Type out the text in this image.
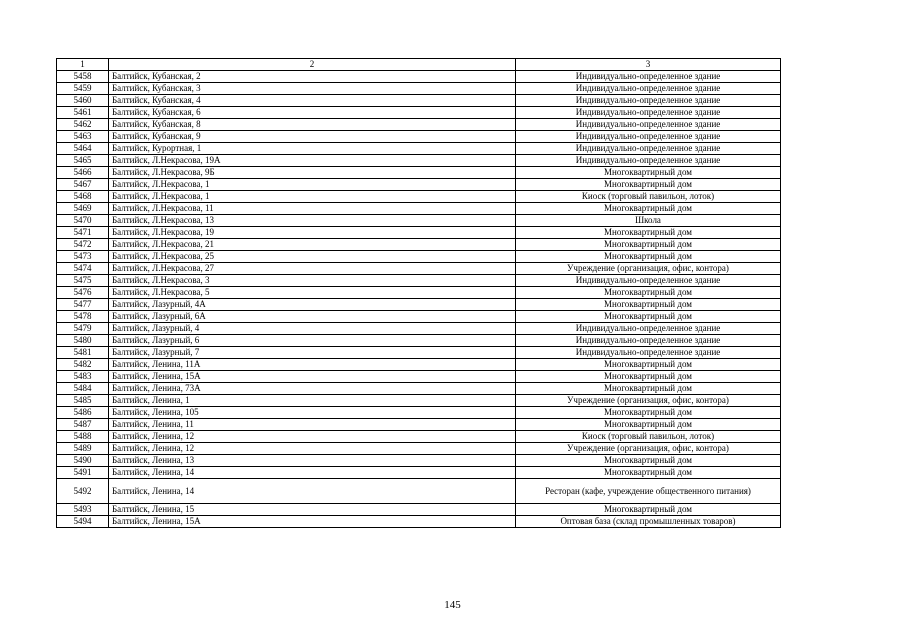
1	2	3
5458	Балтийск, Кубанская, 2	Индивидуально-определенное здание
5459	Балтийск, Кубанская, 3	Индивидуально-определенное здание
5460	Балтийск, Кубанская, 4	Индивидуально-определенное здание
5461	Балтийск, Кубанская, 6	Индивидуально-определенное здание
5462	Балтийск, Кубанская, 8	Индивидуально-определенное здание
5463	Балтийск, Кубанская, 9	Индивидуально-определенное здание
5464	Балтийск, Курортная, 1	Индивидуально-определенное здание
5465	Балтийск, Л.Некрасова, 19А	Индивидуально-определенное здание
5466	Балтийск, Л.Некрасова, 9Б	Многоквартирный дом
5467	Балтийск, Л.Некрасова, 1	Многоквартирный дом
5468	Балтийск, Л.Некрасова, 1	Киоск (торговый павильон, лоток)
5469	Балтийск, Л.Некрасова, 11	Многоквартирный дом
5470	Балтийск, Л.Некрасова, 13	Школа
5471	Балтийск, Л.Некрасова, 19	Многоквартирный дом
5472	Балтийск, Л.Некрасова, 21	Многоквартирный дом
5473	Балтийск, Л.Некрасова, 25	Многоквартирный дом
5474	Балтийск, Л.Некрасова, 27	Учреждение (организация, офис, контора)
5475	Балтийск, Л.Некрасова, 3	Индивидуально-определенное здание
5476	Балтийск, Л.Некрасова, 5	Многоквартирный дом
5477	Балтийск, Лазурный, 4А	Многоквартирный дом
5478	Балтийск, Лазурный, 6А	Многоквартирный дом
5479	Балтийск, Лазурный, 4	Индивидуально-определенное здание
5480	Балтийск, Лазурный, 6	Индивидуально-определенное здание
5481	Балтийск, Лазурный, 7	Индивидуально-определенное здание
5482	Балтийск, Ленина, 11А	Многоквартирный дом
5483	Балтийск, Ленина, 15А	Многоквартирный дом
5484	Балтийск, Ленина, 73А	Многоквартирный дом
5485	Балтийск, Ленина, 1	Учреждение (организация, офис, контора)
5486	Балтийск, Ленина, 105	Многоквартирный дом
5487	Балтийск, Ленина, 11	Многоквартирный дом
5488	Балтийск, Ленина, 12	Киоск (торговый павильон, лоток)
5489	Балтийск, Ленина, 12	Учреждение (организация, офис, контора)
5490	Балтийск, Ленина, 13	Многоквартирный дом
5491	Балтийск, Ленина, 14	Многоквартирный дом
5492	Балтийск, Ленина, 14	Ресторан (кафе, учреждение общественного питания)
5493	Балтийск, Ленина, 15	Многоквартирный дом
5494	Балтийск, Ленина, 15А	Оптовая база (склад промышленных товаров)
145
